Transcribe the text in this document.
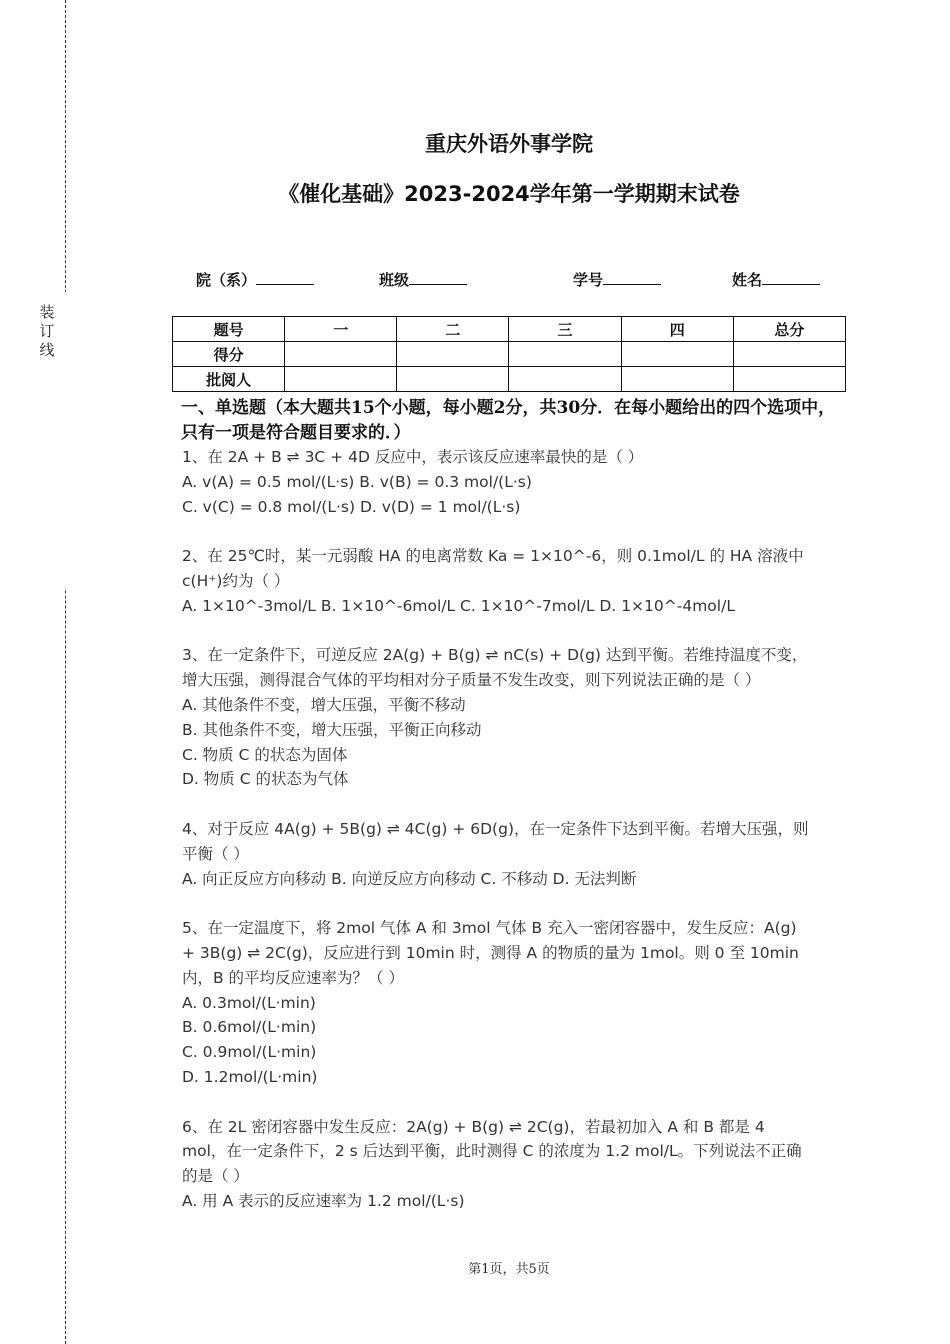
装订线
重庆外语外事学院
《催化基础》2023-2024学年第一学期期末试卷
院（系）	班级	学号	姓名
题号	一	二	三	四	总分
得分					
批阅人					
一、单选题（本大题共15个小题，每小题2分，共30分．在每小题给出的四个选项中，只有一项是符合题目要求的．）

1、在 2A + B ⇌ 3C + 4D 反应中，表示该反应速率最快的是（ ）

A. v(A) = 0.5 mol/(L·s) B. v(B) = 0.3 mol/(L·s)

C. v(C) = 0.8 mol/(L·s) D. v(D) = 1 mol/(L·s)

2、在 25℃时，某一元弱酸 HA 的电离常数 Ka = 1×10^-6，则 0.1mol/L 的 HA 溶液中

c(H⁺)约为（ ）

A. 1×10^-3mol/L B. 1×10^-6mol/L C. 1×10^-7mol/L D. 1×10^-4mol/L

3、在一定条件下，可逆反应 2A(g) + B(g) ⇌ nC(s) + D(g) 达到平衡。若维持温度不变，

增大压强，测得混合气体的平均相对分子质量不发生改变，则下列说法正确的是（ ）

A. 其他条件不变，增大压强，平衡不移动

B. 其他条件不变，增大压强，平衡正向移动

C. 物质 C 的状态为固体

D. 物质 C 的状态为气体

4、对于反应 4A(g) + 5B(g) ⇌ 4C(g) + 6D(g)，在一定条件下达到平衡。若增大压强，则

平衡（ ）

A. 向正反应方向移动 B. 向逆反应方向移动 C. 不移动 D. 无法判断

5、在一定温度下，将 2mol 气体 A 和 3mol 气体 B 充入一密闭容器中，发生反应：A(g)

+ 3B(g) ⇌ 2C(g)，反应进行到 10min 时，测得 A 的物质的量为 1mol。则 0 至 10min

内，B 的平均反应速率为？（ ）

A. 0.3mol/(L·min)

B. 0.6mol/(L·min)

C. 0.9mol/(L·min)

D. 1.2mol/(L·min)

6、在 2L 密闭容器中发生反应：2A(g) + B(g) ⇌ 2C(g)，若最初加入 A 和 B 都是 4

mol，在一定条件下，2 s 后达到平衡，此时测得 C 的浓度为 1.2 mol/L。下列说法不正确

的是（ ）

A. 用 A 表示的反应速率为 1.2 mol/(L·s)

第1页，共5页
